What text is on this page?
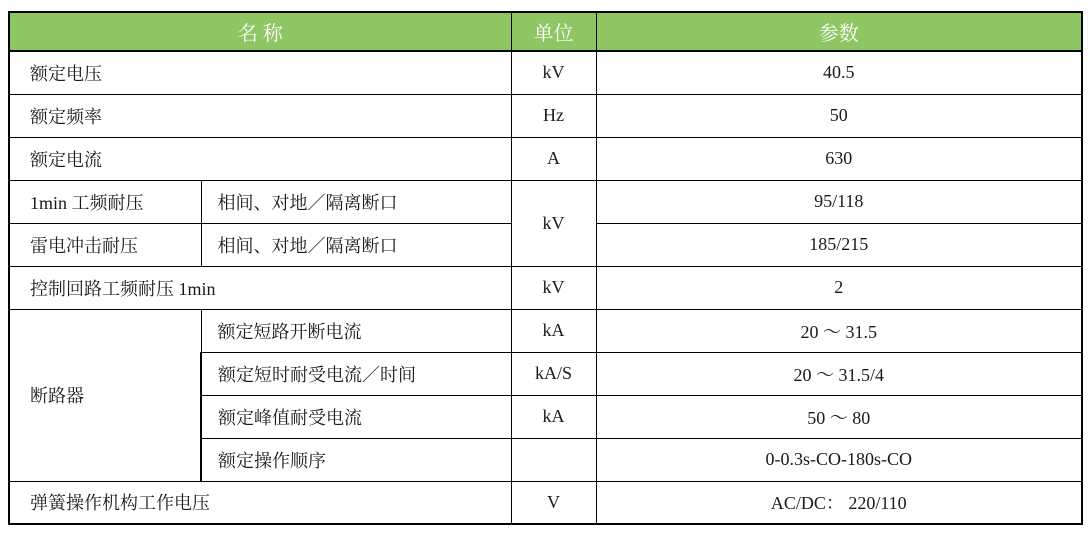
名 称		单位	参数
额定电压		kV	40.5
额定频率		Hz	50
额定电流		A	630
1min 工频耐压	相间、对地／隔离断口	kV	95/118
雷电冲击耐压	相间、对地／隔离断口		185/215
控制回路工频耐压 1min		kV	2
断路器	额定短路开断电流	kA	20 ～ 31.5
	额定短时耐受电流／时间	kA/S	20 ～ 31.5/4
	额定峰值耐受电流	kA	50 ～ 80
	额定操作顺序		0-0.3s-CO-180s-CO
弹簧操作机构工作电压		V	AC/DC： 220/110
